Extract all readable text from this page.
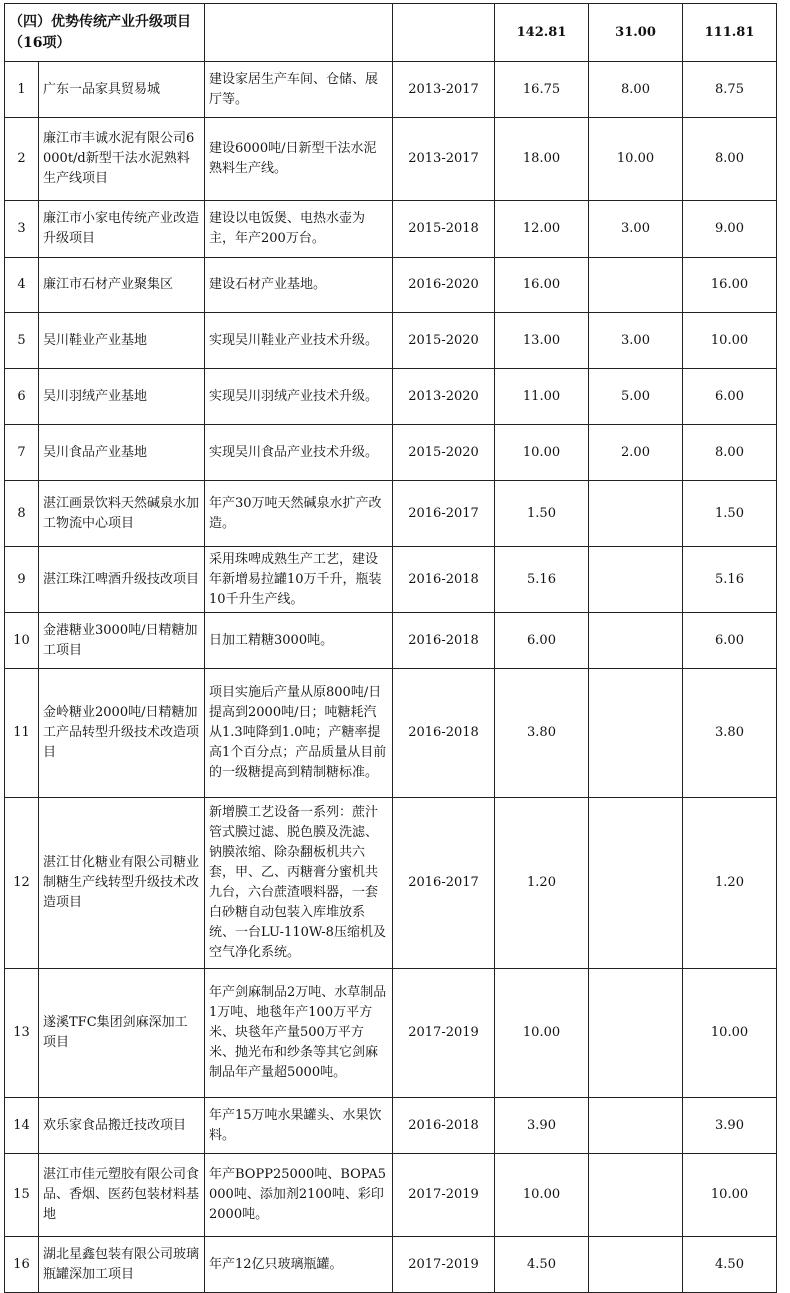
（四）优势传统产业升级项目（16项）				142.81	31.00	111.81
1	广东一品家具贸易城	建设家居生产车间、仓储、展厅等。	2013-2017	16.75	8.00	8.75
2	廉江市丰诚水泥有限公司6000t/d新型干法水泥熟料生产线项目	建设6000吨/日新型干法水泥熟料生产线。	2013-2017	18.00	10.00	8.00
3	廉江市小家电传统产业改造升级项目	建设以电饭煲、电热水壶为主，年产200万台。	2015-2018	12.00	3.00	9.00
4	廉江市石材产业聚集区	建设石材产业基地。	2016-2020	16.00		16.00
5	吴川鞋业产业基地	实现吴川鞋业产业技术升级。	2015-2020	13.00	3.00	10.00
6	吴川羽绒产业基地	实现吴川羽绒产业技术升级。	2013-2020	11.00	5.00	6.00
7	吴川食品产业基地	实现吴川食品产业技术升级。	2015-2020	10.00	2.00	8.00
8	湛江画景饮料天然碱泉水加工物流中心项目	年产30万吨天然碱泉水扩产改造。	2016-2017	1.50		1.50
9	湛江珠江啤酒升级技改项目	采用珠啤成熟生产工艺，建设年新增易拉罐10万千升，瓶装10千升生产线。	2016-2018	5.16		5.16
10	金港糖业3000吨/日精糖加工项目	日加工精糖3000吨。	2016-2018	6.00		6.00
11	金岭糖业2000吨/日精糖加工产品转型升级技术改造项目	项目实施后产量从原800吨/日提高到2000吨/日；吨糖耗汽从1.3吨降到1.0吨；产糖率提高1个百分点；产品质量从目前的一级糖提高到精制糖标准。	2016-2018	3.80		3.80
12	湛江甘化糖业有限公司糖业制糖生产线转型升级技术改造项目	新增膜工艺设备一系列：蔗汁管式膜过滤、脱色膜及洗滤、钠膜浓缩、除杂翻板机共六套，甲、乙、丙糖膏分蜜机共九台，六台蔗渣喂料器，一套白砂糖自动包装入库堆放系统、一台LU-110W-8压缩机及空气净化系统。	2016-2017	1.20		1.20
13	遂溪TFC集团剑麻深加工项目	年产剑麻制品2万吨、水草制品1万吨、地毯年产100万平方米、块毯年产量500万平方米、抛光布和纱条等其它剑麻制品年产量超5000吨。	2017-2019	10.00		10.00
14	欢乐家食品搬迁技改项目	年产15万吨水果罐头、水果饮料。	2016-2018	3.90		3.90
15	湛江市佳元塑胶有限公司食品、香烟、医药包装材料基地	年产BOPP25000吨、BOPA5000吨、添加剂2100吨、彩印2000吨。	2017-2019	10.00		10.00
16	湖北星鑫包装有限公司玻璃瓶罐深加工项目	年产12亿只玻璃瓶罐。	2017-2019	4.50		4.50
